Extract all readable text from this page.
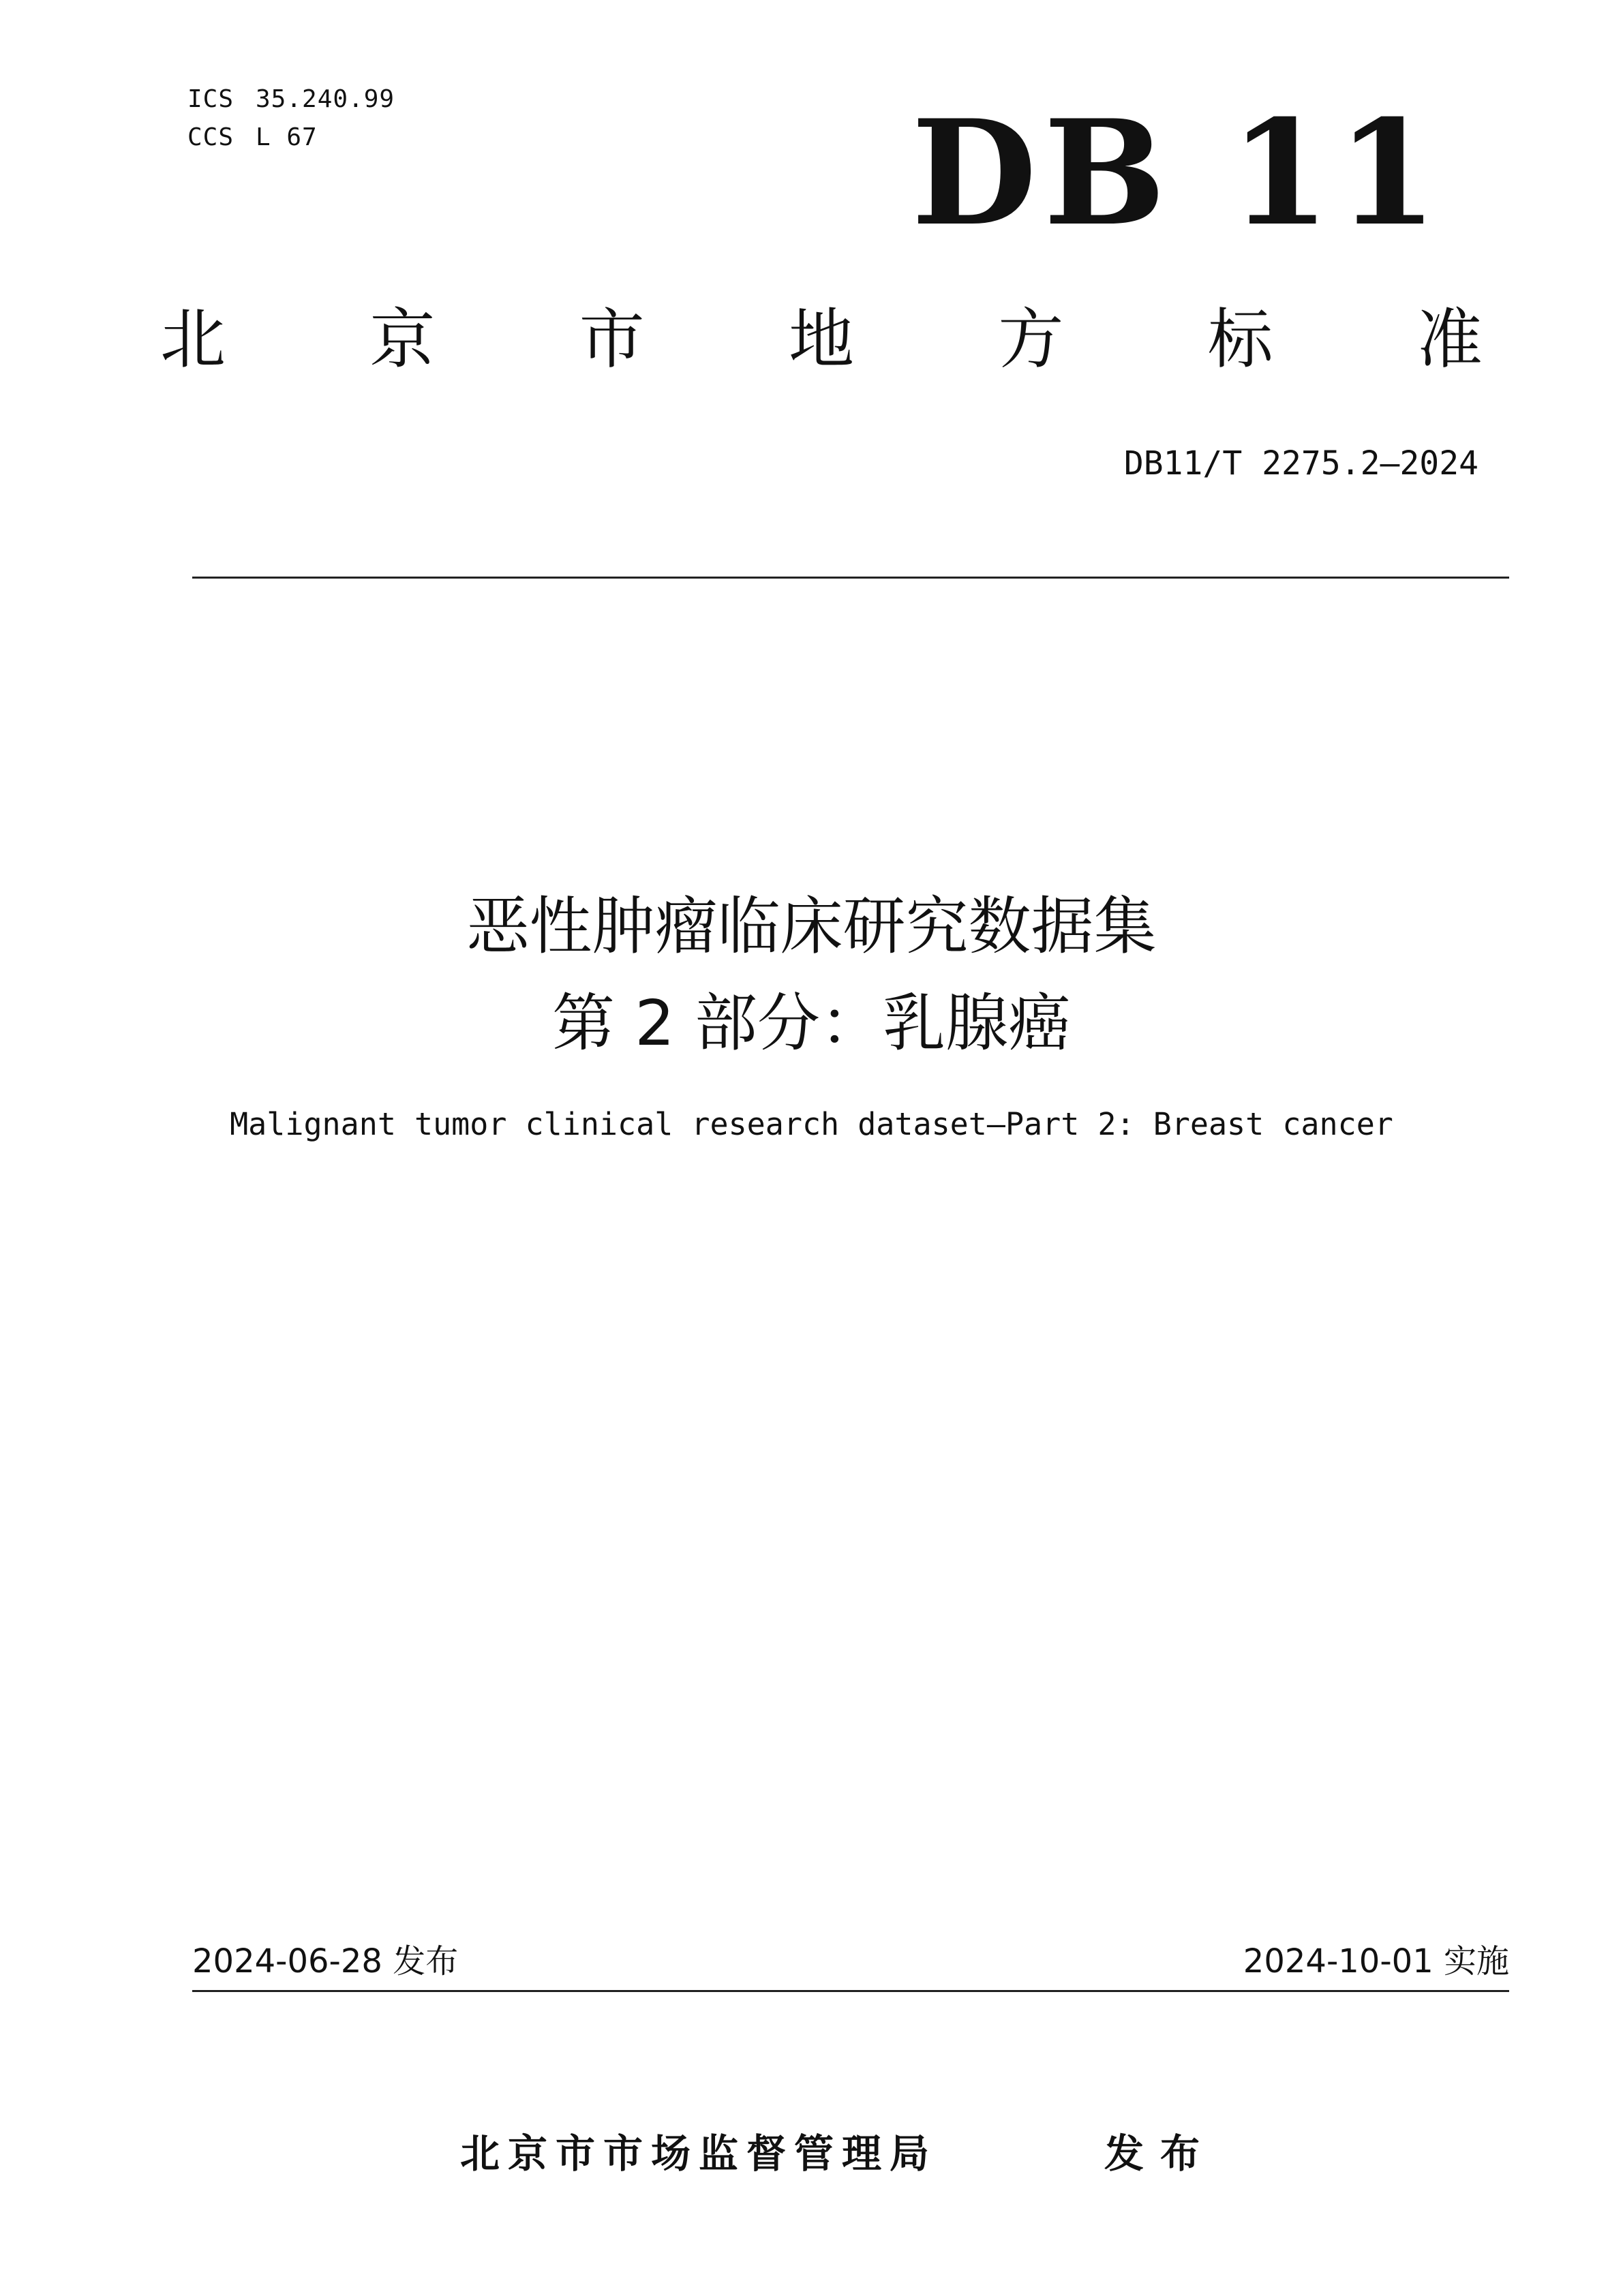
ICS 35.240.99
CCS L 67	DB 11
北 京 市 地 方 标 准
DB11/T 2275.2—2024
恶性肿瘤临床研究数据集
第 2 部分：乳腺癌
Malignant tumor clinical research dataset—Part 2: Breast cancer
2024-06-28 发布	2024-10-01 实施
北京市市场监督管理局	发布
